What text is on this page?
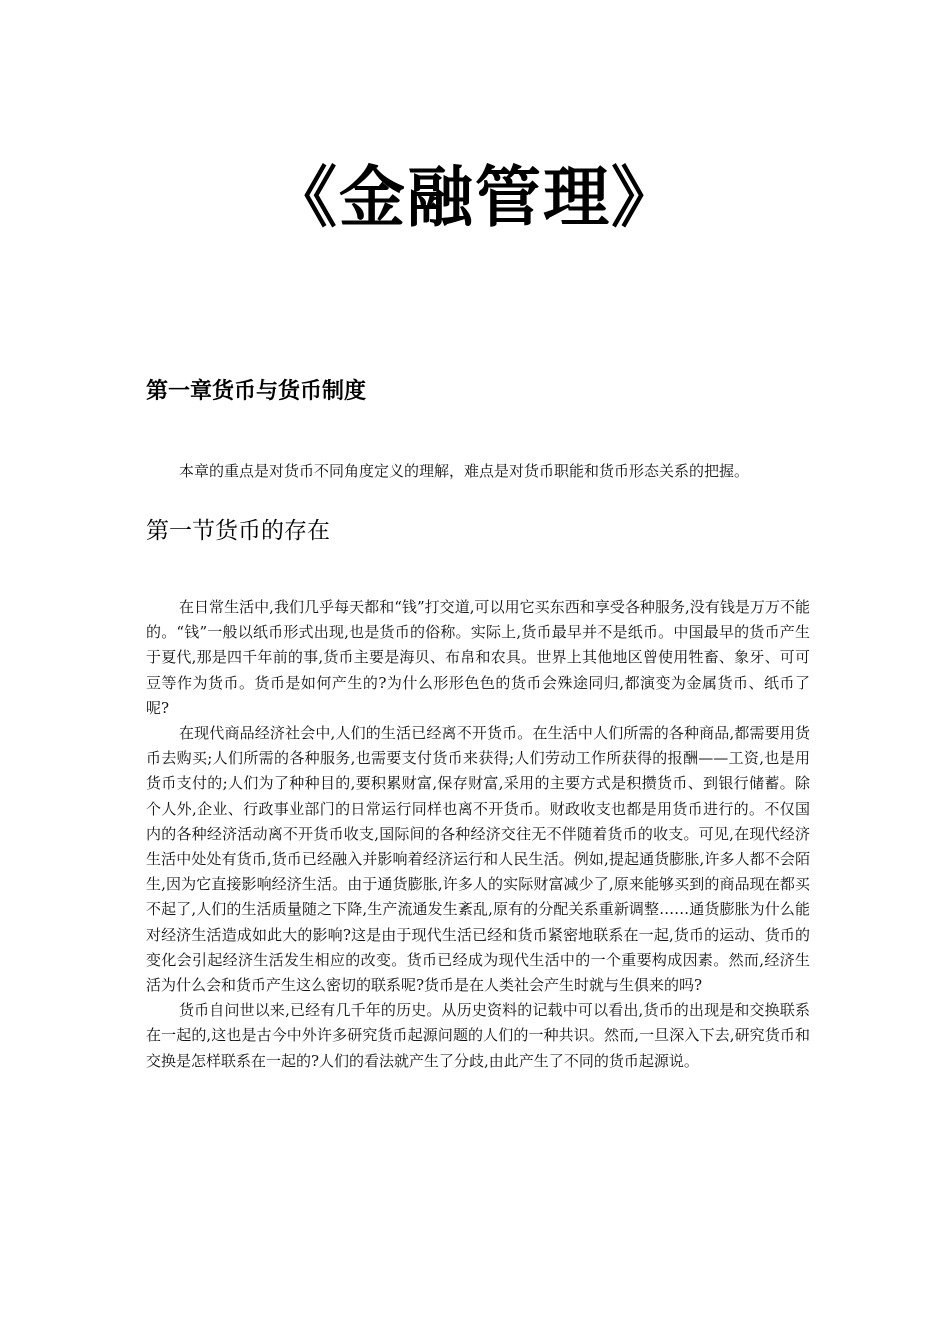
《金融管理》
第一章货币与货币制度

本章的重点是对货币不同角度定义的理解，难点是对货币职能和货币形态关系的把握。

第一节货币的存在

在日常生活中,我们几乎每天都和“钱”打交道,可以用它买东西和享受各种服务,没有钱是万万不能的。“钱”一般以纸币形式出现,也是货币的俗称。实际上,货币最早并不是纸币。中国最早的货币产生于夏代,那是四千年前的事,货币主要是海贝、布帛和农具。世界上其他地区曾使用牲畜、象牙、可可豆等作为货币。货币是如何产生的?为什么形形色色的货币会殊途同归,都演变为金属货币、纸币了呢?

在现代商品经济社会中,人们的生活已经离不开货币。在生活中人们所需的各种商品,都需要用货币去购买;人们所需的各种服务,也需要支付货币来获得;人们劳动工作所获得的报酬——工资,也是用货币支付的;人们为了种种目的,要积累财富,保存财富,采用的主要方式是积攒货币、到银行储蓄。除个人外,企业、行政事业部门的日常运行同样也离不开货币。财政收支也都是用货币进行的。不仅国内的各种经济活动离不开货币收支,国际间的各种经济交往无不伴随着货币的收支。可见,在现代经济生活中处处有货币,货币已经融入并影响着经济运行和人民生活。例如,提起通货膨胀,许多人都不会陌生,因为它直接影响经济生活。由于通货膨胀,许多人的实际财富减少了,原来能够买到的商品现在都买不起了,人们的生活质量随之下降,生产流通发生紊乱,原有的分配关系重新调整……通货膨胀为什么能对经济生活造成如此大的影响?这是由于现代生活已经和货币紧密地联系在一起,货币的运动、货币的变化会引起经济生活发生相应的改变。货币已经成为现代生活中的一个重要构成因素。然而,经济生活为什么会和货币产生这么密切的联系呢?货币是在人类社会产生时就与生俱来的吗?

货币自问世以来,已经有几千年的历史。从历史资料的记载中可以看出,货币的出现是和交换联系在一起的,这也是古今中外许多研究货币起源问题的人们的一种共识。然而,一旦深入下去,研究货币和交换是怎样联系在一起的?人们的看法就产生了分歧,由此产生了不同的货币起源说。
